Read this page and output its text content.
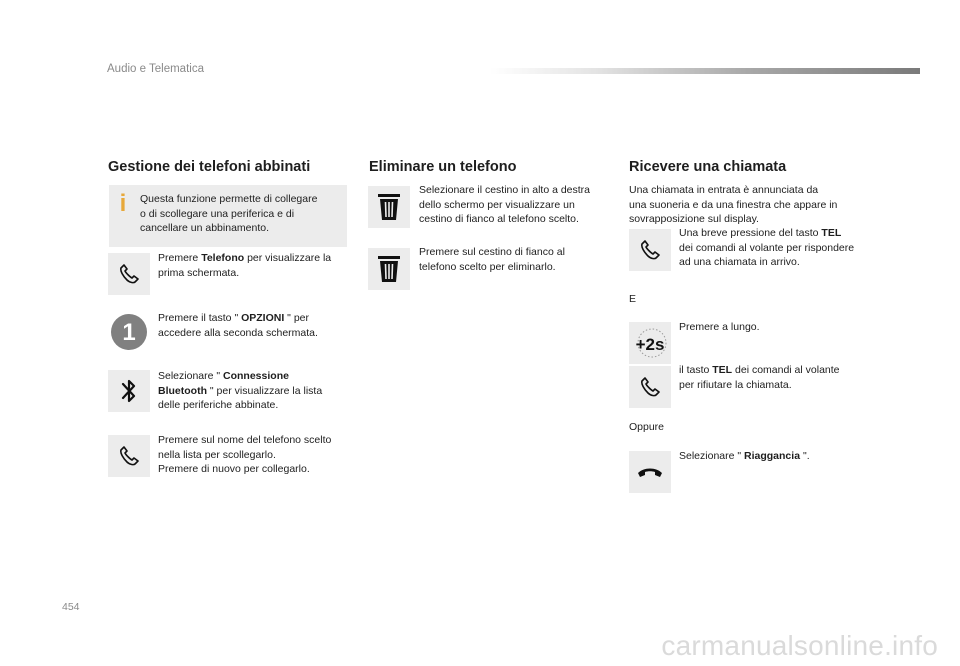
Audio e Telematica
Gestione dei telefoni abbinati
i	Questa funzione permette di collegare
o di scollegare una periferica e di
cancellare un abbinamento.
Premere Telefono per visualizzare la
prima schermata.
1
Premere il tasto " OPZIONI " per
accedere alla seconda schermata.
Selezionare " Connessione
Bluetooth " per visualizzare la lista
delle periferiche abbinate.
Premere sul nome del telefono scelto
nella lista per scollegarlo.
Premere di nuovo per collegarlo.
Eliminare un telefono
Selezionare il cestino in alto a destra
dello schermo per visualizzare un
cestino di fianco al telefono scelto.
Premere sul cestino di fianco al
telefono scelto per eliminarlo.
Ricevere una chiamata
Una chiamata in entrata è annunciata da
una suoneria e da una finestra che appare in
sovrapposizione sul display.
Una breve pressione del tasto TEL
dei comandi al volante per rispondere
ad una chiamata in arrivo.
E
+2s
Premere a lungo.
il tasto TEL dei comandi al volante
per rifiutare la chiamata.
Oppure
Selezionare " Riaggancia ".
454
carmanualsonline.info
